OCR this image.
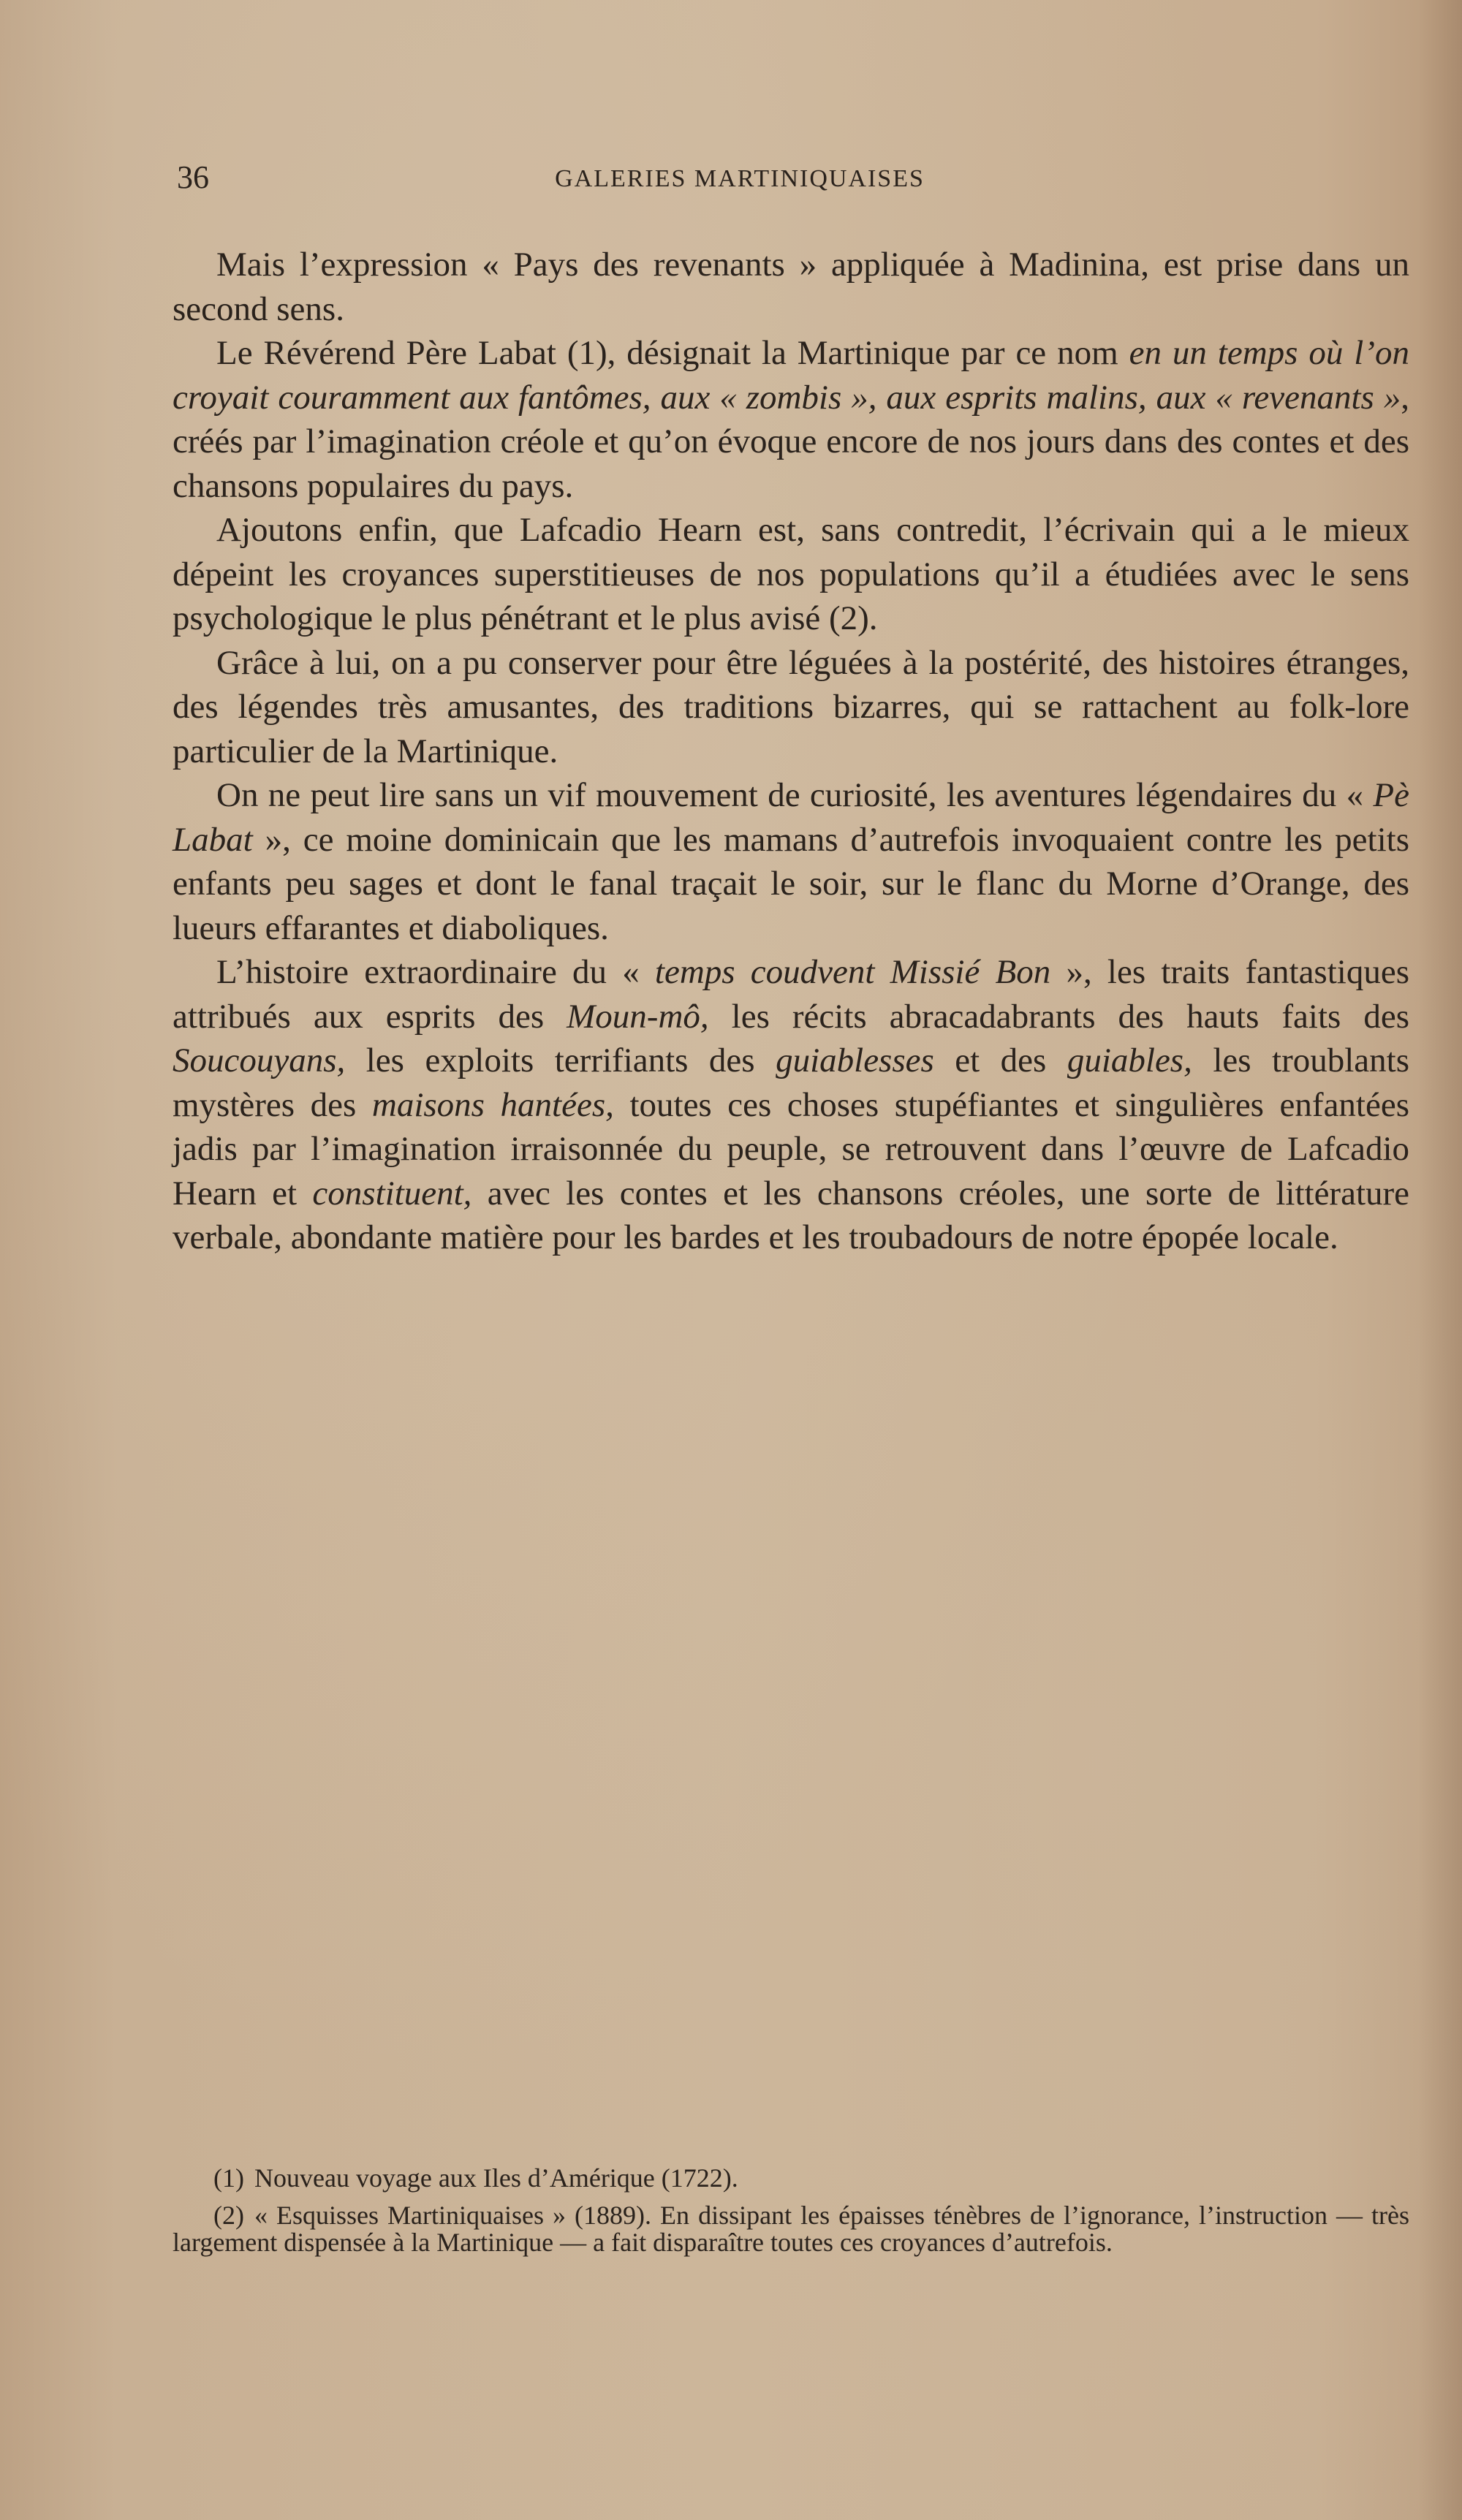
36	GALERIES MARTINIQUAISES

Mais l’expression « Pays des revenants » appliquée à Madinina, est prise dans un second sens.

Le Révérend Père Labat (1), désignait la Martinique par ce nom en un temps où l’on croyait couramment aux fantômes, aux « zombis », aux esprits malins, aux « revenants », créés par l’imagination créole et qu’on évoque encore de nos jours dans des contes et des chansons populaires du pays.

Ajoutons enfin, que Lafcadio Hearn est, sans contredit, l’écrivain qui a le mieux dépeint les croyances superstitieuses de nos populations qu’il a étudiées avec le sens psychologique le plus pénétrant et le plus avisé (2).

Grâce à lui, on a pu conserver pour être léguées à la postérité, des histoires étranges, des légendes très amusantes, des traditions bizarres, qui se rattachent au folk-lore particulier de la Martinique.

On ne peut lire sans un vif mouvement de curiosité, les aventures légendaires du « Pè Labat », ce moine dominicain que les mamans d’autrefois invoquaient contre les petits enfants peu sages et dont le fanal traçait le soir, sur le flanc du Morne d’Orange, des lueurs effarantes et diaboliques.

L’histoire extraordinaire du « temps coudvent Missié Bon », les traits fantastiques attribués aux esprits des Moun-mô, les récits abracadabrants des hauts faits des Soucouyans, les exploits terrifiants des guiablesses et des guiables, les troublants mystères des maisons hantées, toutes ces choses stupéfiantes et singulières enfantées jadis par l’imagination irraisonnée du peuple, se retrouvent dans l’œuvre de Lafcadio Hearn et constituent, avec les contes et les chansons créoles, une sorte de littérature verbale, abondante matière pour les bardes et les troubadours de notre épopée locale.

(1) Nouveau voyage aux Iles d’Amérique (1722).

(2) « Esquisses Martiniquaises » (1889). En dissipant les épaisses ténèbres de l’ignorance, l’instruction — très largement dispensée à la Martinique — a fait disparaître toutes ces croyances d’autrefois.
